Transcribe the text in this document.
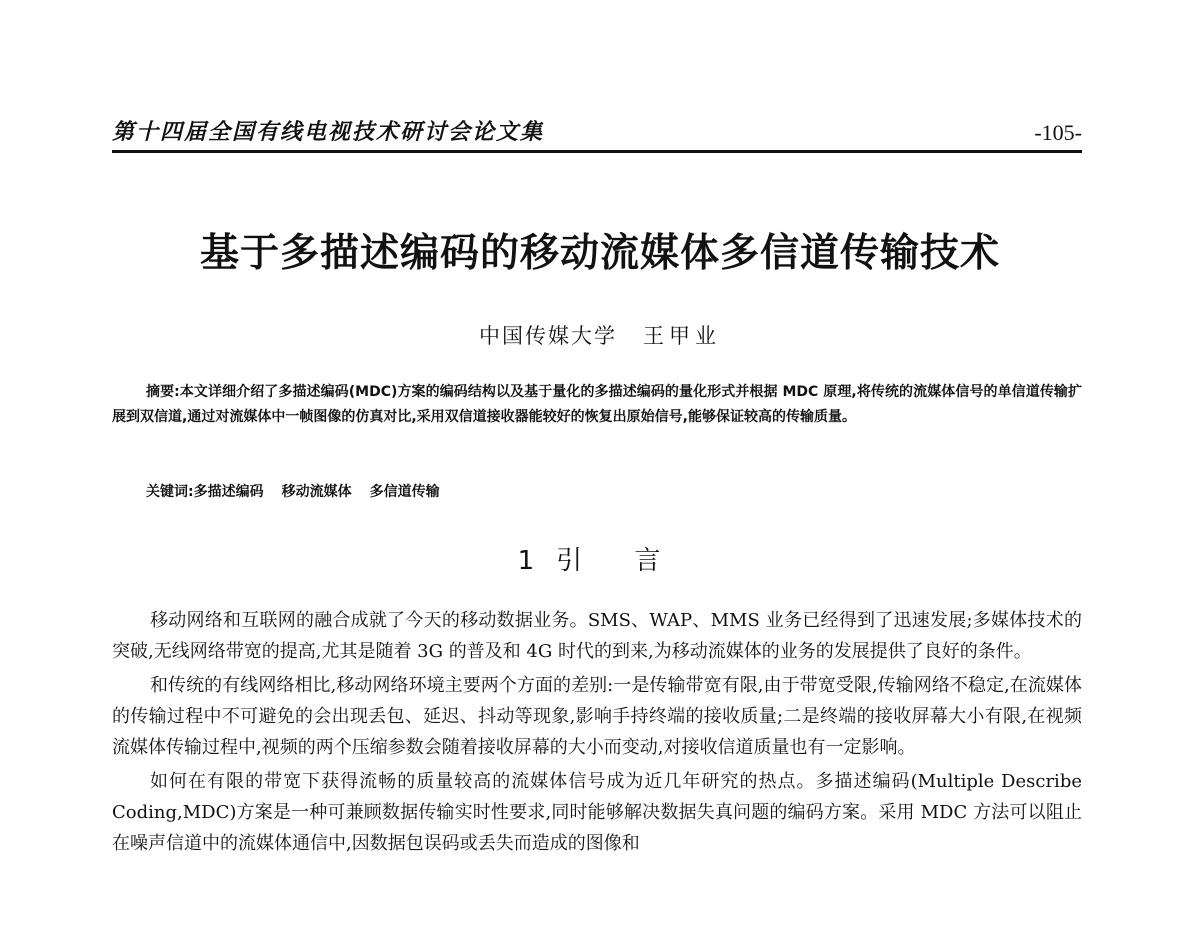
第十四届全国有线电视技术研讨会论文集	-105-
基于多描述编码的移动流媒体多信道传输技术
中国传媒大学 王甲业
摘要:本文详细介绍了多描述编码(MDC)方案的编码结构以及基于量化的多描述编码的量化形式并根据 MDC 原理,将传统的流媒体信号的单信道传输扩展到双信道,通过对流媒体中一帧图像的仿真对比,采用双信道接收器能较好的恢复出原始信号,能够保证较高的传输质量。
关键词:多描述编码 移动流媒体 多信道传输
1引 言

移动网络和互联网的融合成就了今天的移动数据业务。SMS、WAP、MMS 业务已经得到了迅速发展;多媒体技术的突破,无线网络带宽的提高,尤其是随着 3G 的普及和 4G 时代的到来,为移动流媒体的业务的发展提供了良好的条件。

和传统的有线网络相比,移动网络环境主要两个方面的差别:一是传输带宽有限,由于带宽受限,传输网络不稳定,在流媒体的传输过程中不可避免的会出现丢包、延迟、抖动等现象,影响手持终端的接收质量;二是终端的接收屏幕大小有限,在视频流媒体传输过程中,视频的两个压缩参数会随着接收屏幕的大小而变动,对接收信道质量也有一定影响。

如何在有限的带宽下获得流畅的质量较高的流媒体信号成为近几年研究的热点。多描述编码(Multiple Describe Coding,MDC)方案是一种可兼顾数据传输实时性要求,同时能够解决数据失真问题的编码方案。采用 MDC 方法可以阻止在噪声信道中的流媒体通信中,因数据包误码或丢失而造成的图像和
